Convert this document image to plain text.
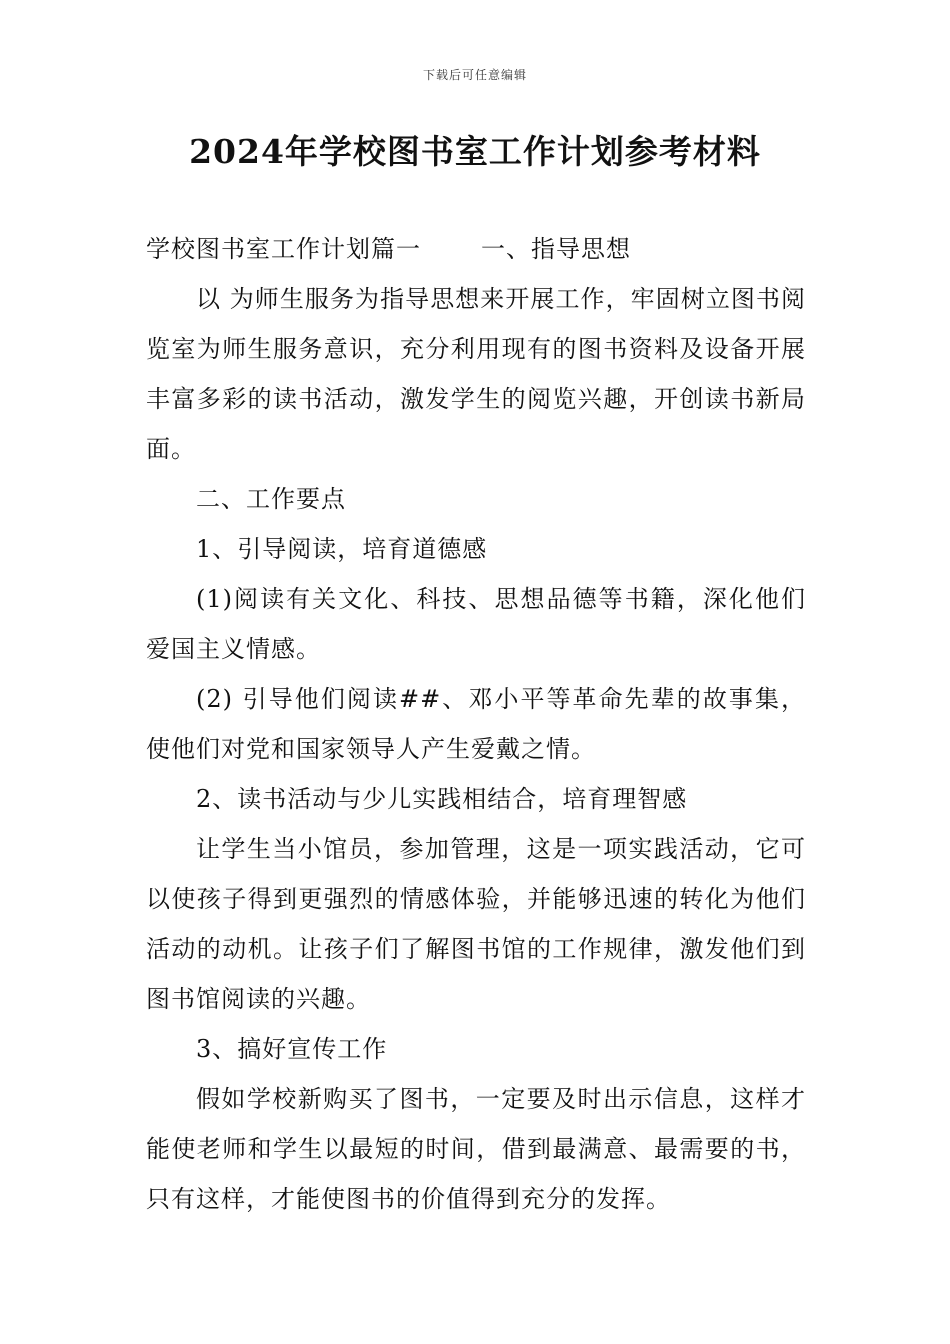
下载后可任意编辑
2024年学校图书室工作计划参考材料

学校图书室工作计划篇一	一、指导思想

以 为师生服务为指导思想来开展工作，牢固树立图书阅览室为师生服务意识，充分利用现有的图书资料及设备开展丰富多彩的读书活动，激发学生的阅览兴趣，开创读书新局面。

二、工作要点

1、引导阅读，培育道德感

(1)阅读有关文化、科技、思想品德等书籍，深化他们爱国主义情感。

(2) 引导他们阅读##、邓小平等革命先辈的故事集，使他们对党和国家领导人产生爱戴之情。

2、读书活动与少儿实践相结合，培育理智感

让学生当小馆员，参加管理，这是一项实践活动，它可以使孩子得到更强烈的情感体验，并能够迅速的转化为他们活动的动机。让孩子们了解图书馆的工作规律，激发他们到图书馆阅读的兴趣。

3、搞好宣传工作

假如学校新购买了图书，一定要及时出示信息，这样才能使老师和学生以最短的时间，借到最满意、最需要的书，只有这样，才能使图书的价值得到充分的发挥。
